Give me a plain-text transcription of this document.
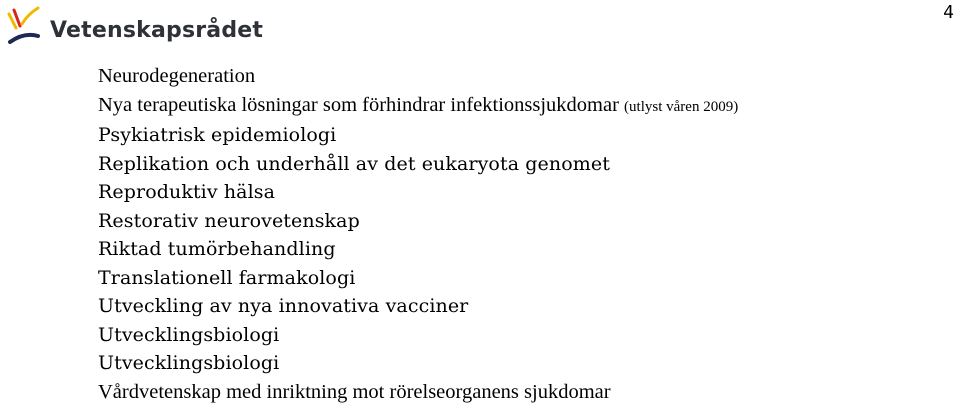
Vetenskapsrådet
4
Neurodegeneration
Nya terapeutiska lösningar som förhindrar infektionssjukdomar (utlyst våren 2009)
Psykiatrisk epidemiologi
Replikation och underhåll av det eukaryota genomet
Reproduktiv hälsa
Restorativ neurovetenskap
Riktad tumörbehandling
Translationell farmakologi
Utveckling av nya innovativa vacciner
Utvecklingsbiologi
Utvecklingsbiologi
Vårdvetenskap med inriktning mot rörelseorganens sjukdomar
